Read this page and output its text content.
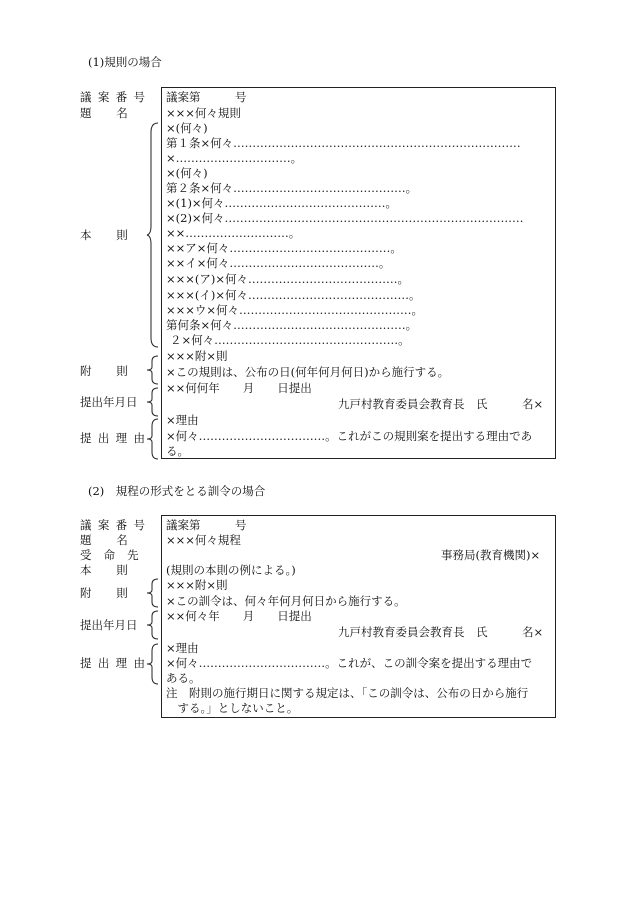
(1)規則の場合
議案番号
題　　名
本　　則
附　　則
提出年月日
提出理由
議案第　　　号
×××何々規則
×(何々)
第１条×何々…………………………………………………………………
×…………………………。
×(何々)
第２条×何々………………………………………。
×(1)×何々……………………………………。
×(2)×何々……………………………………………………………………
××………………………。
××ア×何々……………………………………。
××イ×何々…………………………………。
×××(ア)×何々…………………………………。
×××(イ)×何々……………………………………。
×××ウ×何々………………………………………。
第何条×何々………………………………………。
２×何々…………………………………………。
×××附×則
×この規則は、公布の日(何年何月何日)から施行する。
××何何年　　月　　日提出
九戸村教育委員会教育長　氏　　　名×
×理由
×何々……………………………。これがこの規則案を提出する理由であ
る。
(2)　規程の形式をとる訓令の場合
議案番号
題　　名
受命先
本　　則
附　　則
提出年月日
提出理由
議案第　　　号
×××何々規程
事務局(教育機関)×
(規則の本則の例による。)
×××附×則
×この訓令は、何々年何月何日から施行する。
××何々年　　月　　日提出
九戸村教育委員会教育長　氏　　　名×
×理由
×何々……………………………。これが、この訓令案を提出する理由で
ある。
注　附則の施行期日に関する規定は、「この訓令は、公布の日から施行
　する。」としないこと。
